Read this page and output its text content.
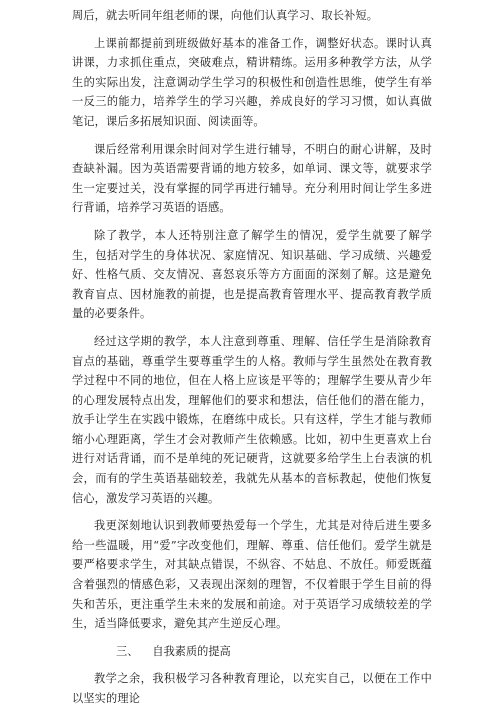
周后，就去听同年组老师的课，向他们认真学习、取长补短。

上课前都提前到班级做好基本的准备工作，调整好状态。课时认真讲课，力求抓住重点，突破难点，精讲精练。运用多种教学方法，从学生的实际出发，注意调动学生学习的积极性和创造性思维，使学生有举一反三的能力，培养学生的学习兴趣，养成良好的学习习惯，如认真做笔记，课后多拓展知识面、阅读面等。

课后经常利用课余时间对学生进行辅导，不明白的耐心讲解，及时查缺补漏。因为英语需要背诵的地方较多，如单词、课文等，就要求学生一定要过关，没有掌握的同学再进行辅导。充分利用时间让学生多进行背诵，培养学习英语的语感。

除了教学，本人还特别注意了解学生的情况，爱学生就要了解学生，包括对学生的身体状况、家庭情况、知识基础、学习成绩、兴趣爱好、性格气质、交友情况、喜怒哀乐等方方面面的深刻了解。这是避免教育盲点、因材施教的前提，也是提高教育管理水平、提高教育教学质量的必要条件。

经过这学期的教学，本人注意到尊重、理解、信任学生是消除教育盲点的基础，尊重学生要尊重学生的人格。教师与学生虽然处在教育教学过程中不同的地位，但在人格上应该是平等的；理解学生要从青少年的心理发展特点出发，理解他们的要求和想法，信任他们的潜在能力，放手让学生在实践中锻炼，在磨练中成长。只有这样，学生才能与教师缩小心理距离，学生才会对教师产生依赖感。比如，初中生更喜欢上台进行对话背诵，而不是单纯的死记硬背，这就要多给学生上台表演的机会，而有的学生英语基础较差，我就先从基本的音标教起，使他们恢复信心，激发学习英语的兴趣。

我更深刻地认识到教师要热爱每一个学生，尤其是对待后进生要多给一些温暖，用“爱”字改变他们，理解、尊重、信任他们。爱学生就是要严格要求学生，对其缺点错误，不纵容、不姑息、不放任。师爱既蕴含着强烈的情感色彩，又表现出深刻的理智，不仅着眼于学生目前的得失和苦乐，更注重学生未来的发展和前途。对于英语学习成绩较差的学生，适当降低要求，避免其产生逆反心理。

三、 自我素质的提高

教学之余，我积极学习各种教育理论，以充实自己，以便在工作中以坚实的理论
